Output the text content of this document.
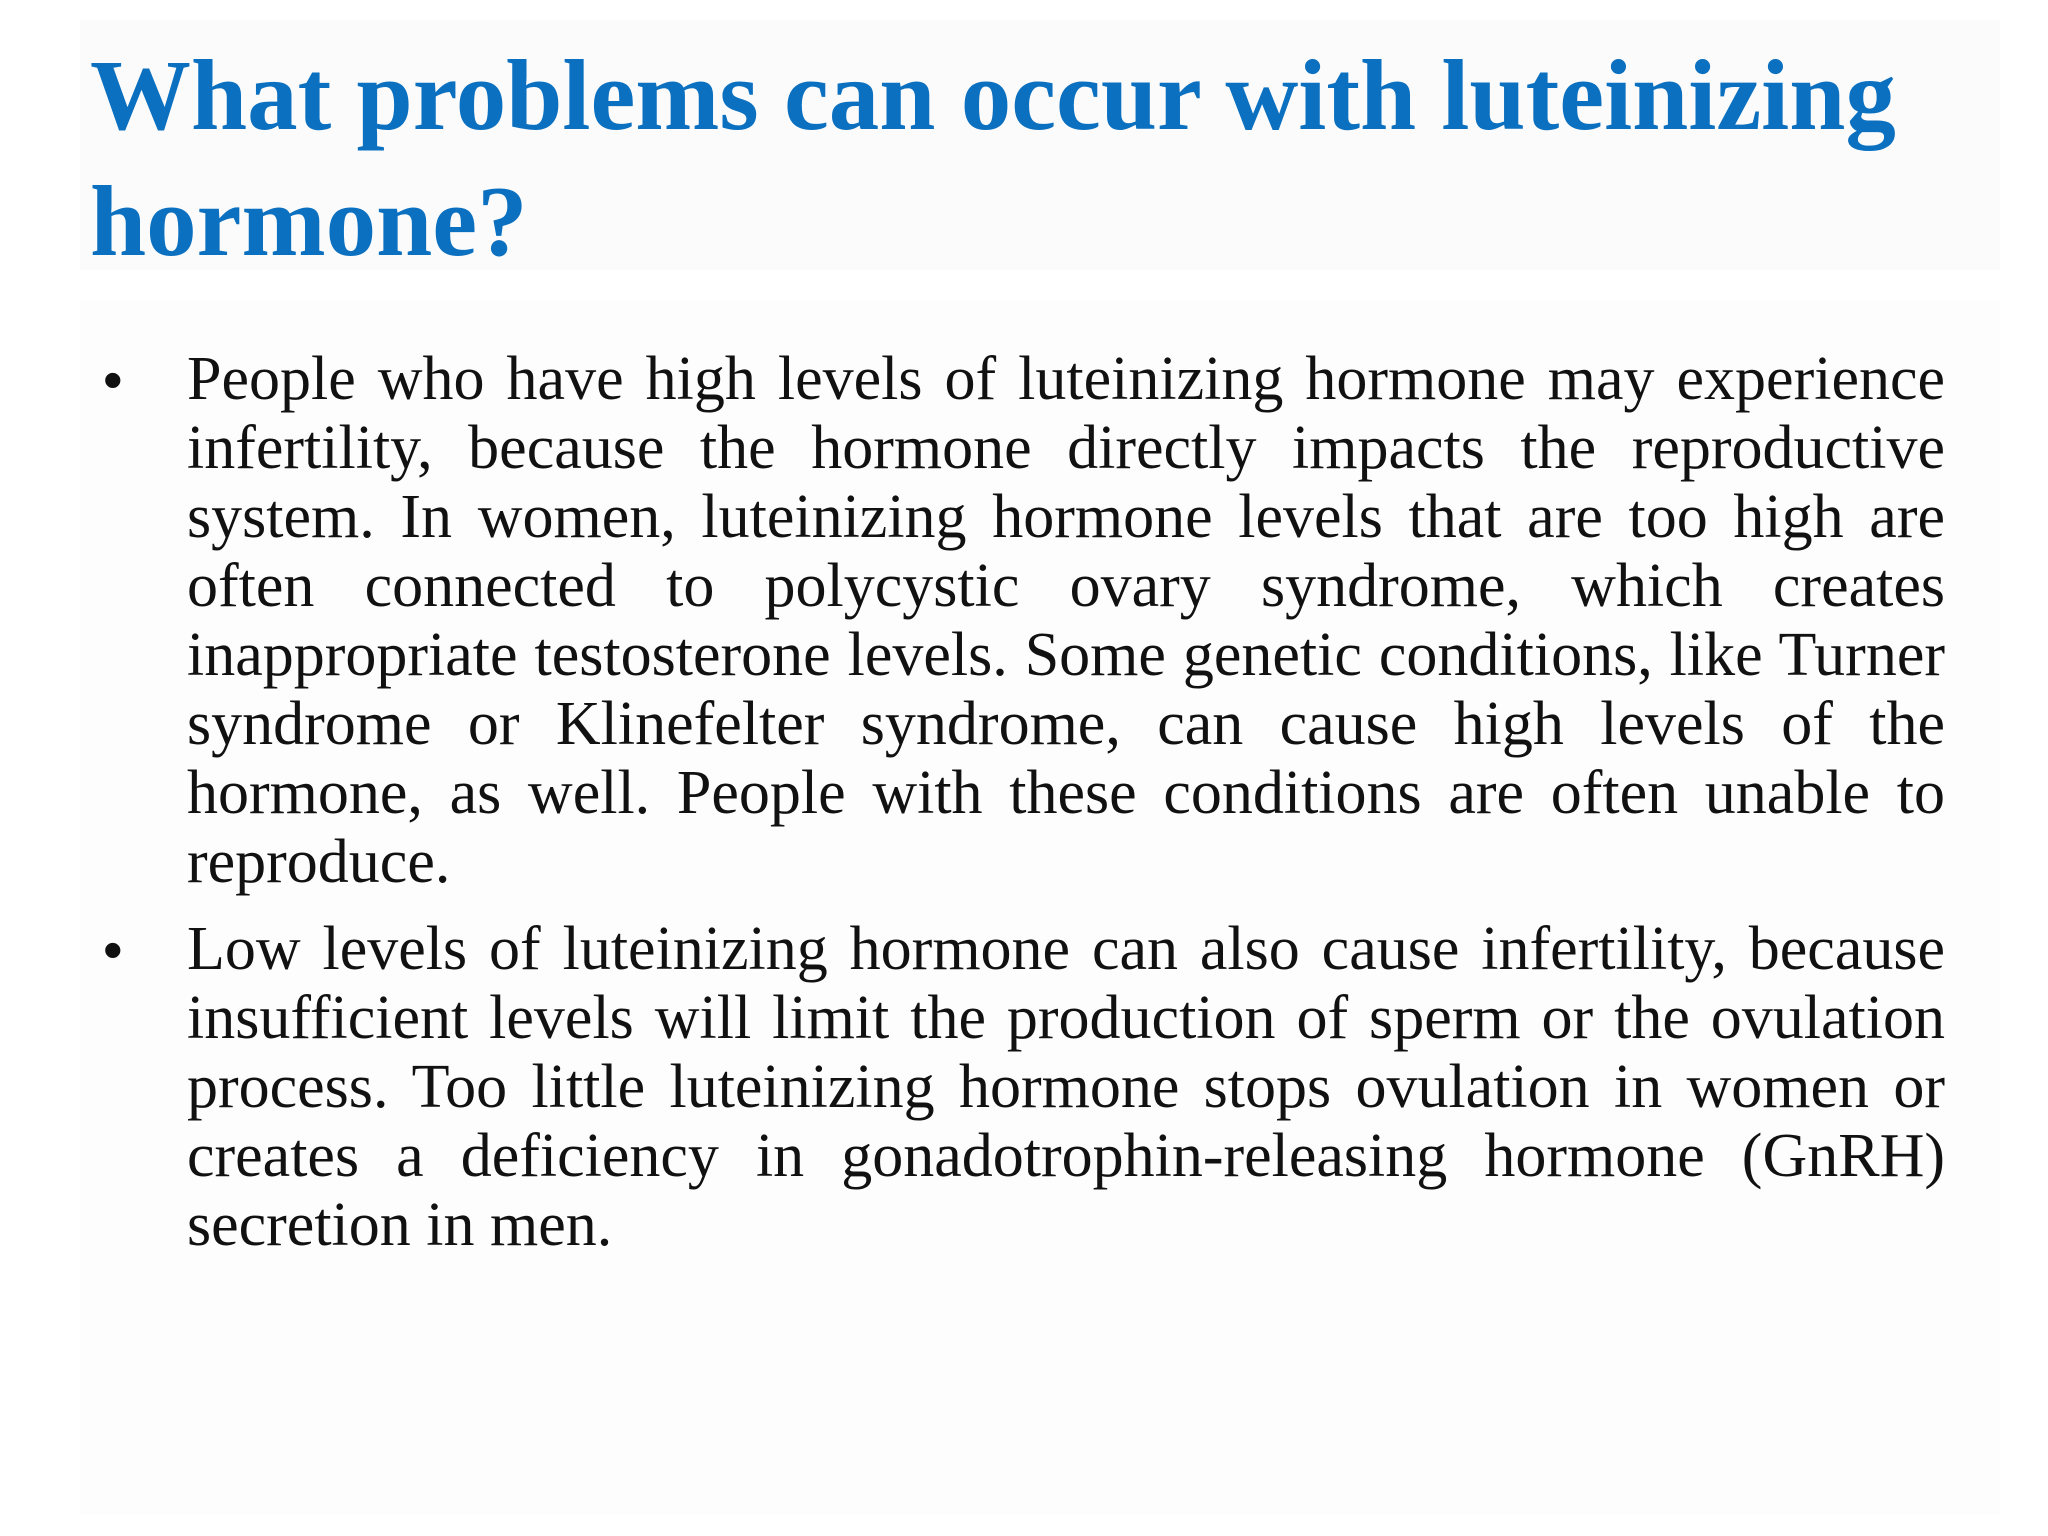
What problems can occur with luteinizing hormone?
• People who have high levels of luteinizing hormone may experience infertility, because the hormone directly impacts the reproductive system. In women, luteinizing hormone levels that are too high are often connected to polycystic ovary syndrome, which creates inappropriate testosterone levels. Some genetic conditions, like Turner syndrome or Klinefelter syndrome, can cause high levels of the hormone, as well. People with these conditions are often unable to reproduce.
• Low levels of luteinizing hormone can also cause infertility, because insufficient levels will limit the production of sperm or the ovulation process. Too little luteinizing hormone stops ovulation in women or creates a deficiency in gonadotrophin-releasing hormone (GnRH) secretion in men.
